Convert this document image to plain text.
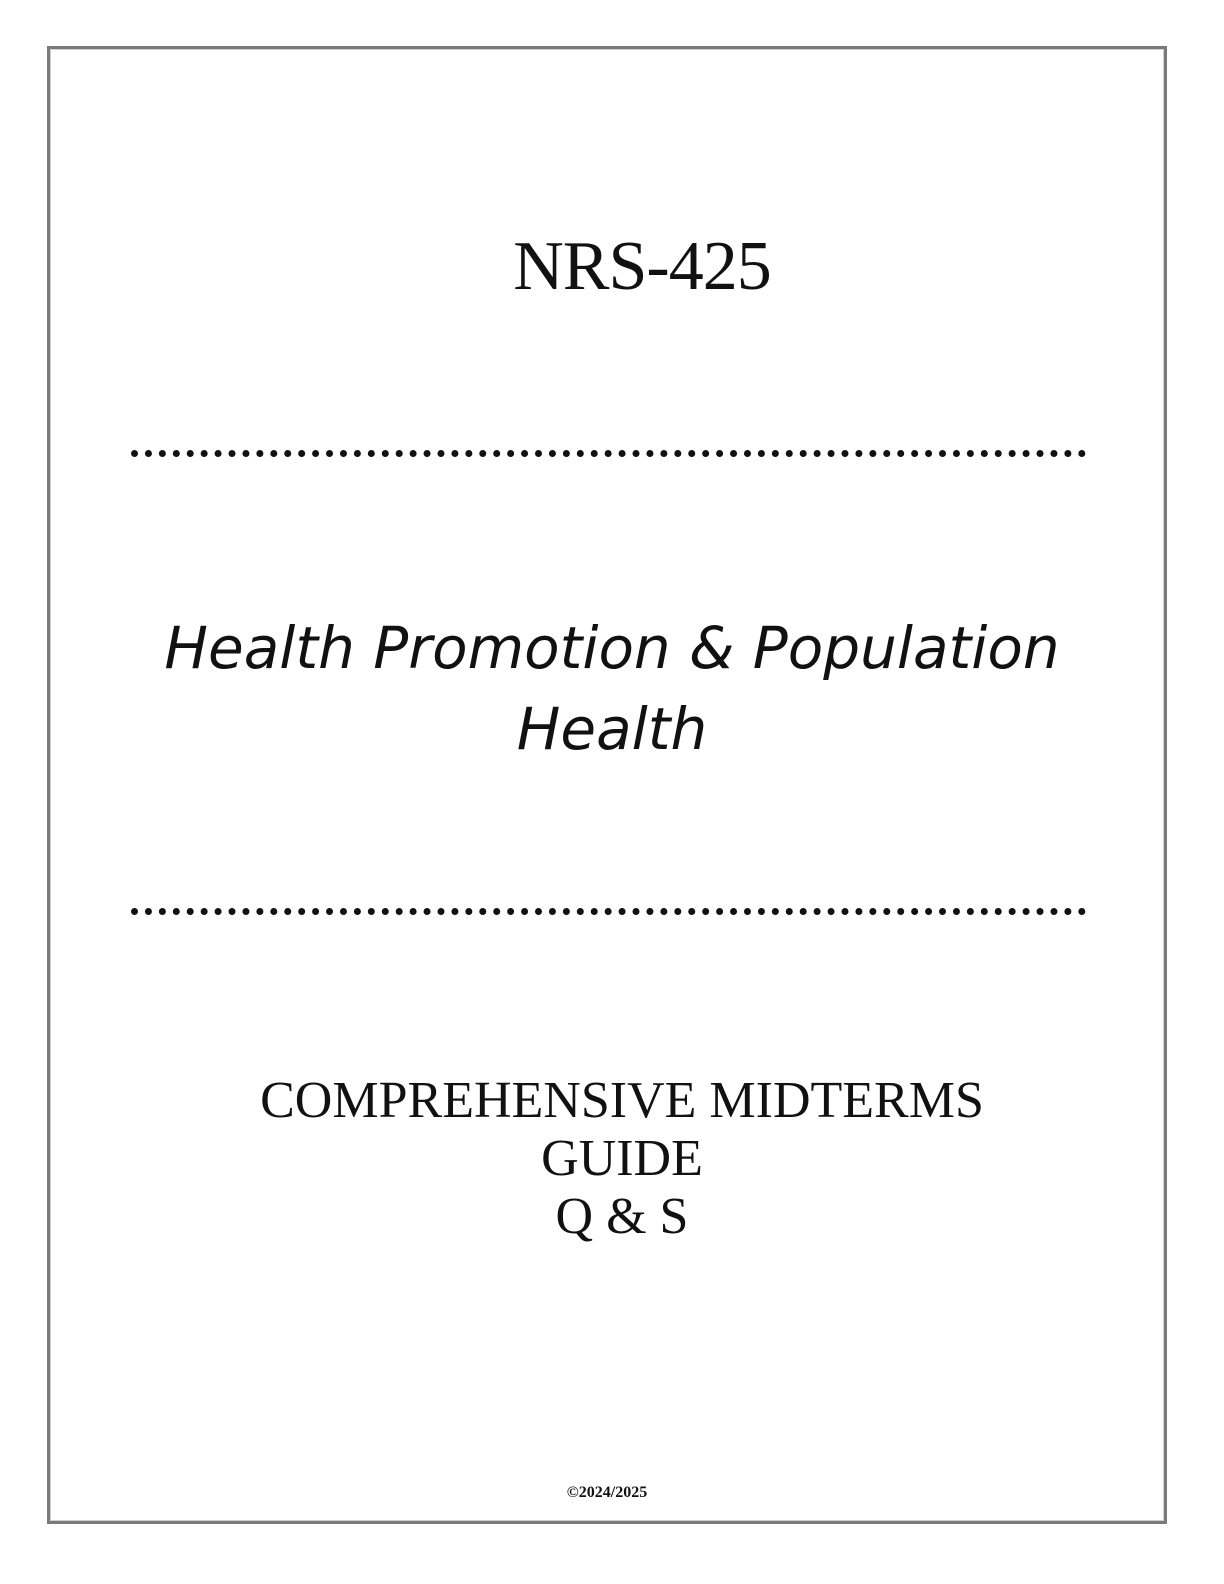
NRS-425
Health Promotion & Population
Health
COMPREHENSIVE MIDTERMS
GUIDE
Q & S
©2024/2025
